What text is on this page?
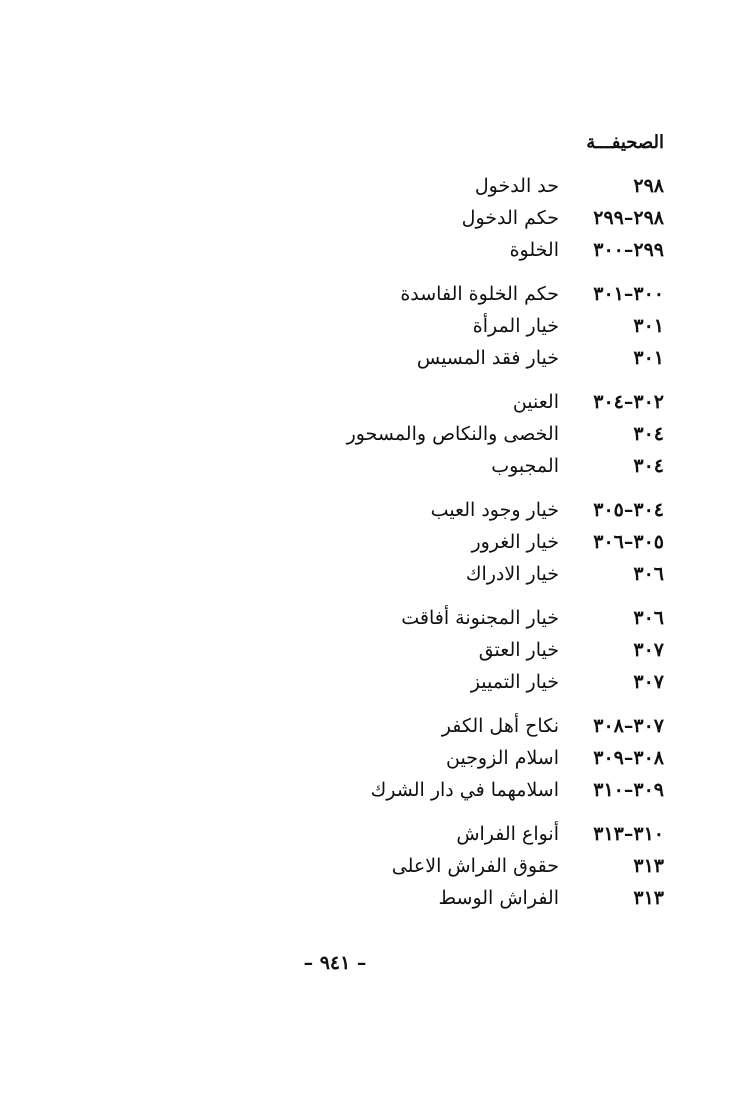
الصحيفـــة
٢٩٨
حد الدخول
٢٩٨–٢٩٩
حكم الدخول
٢٩٩–٣٠٠
الخلوة
٣٠٠–٣٠١
حكم الخلوة الفاسدة
٣٠١
خيار المرأة
٣٠١
خيار فقد المسيس
٣٠٢–٣٠٤
العنين
٣٠٤
الخصى والنكاص والمسحور
٣٠٤
المجبوب
٣٠٤–٣٠٥
خيار وجود العيب
٣٠٥–٣٠٦
خيار الغرور
٣٠٦
خيار الادراك
٣٠٦
خيار المجنونة أفاقت
٣٠٧
خيار العتق
٣٠٧
خيار التمييز
٣٠٧–٣٠٨
نكاح أهل الكفر
٣٠٨–٣٠٩
اسلام الزوجين
٣٠٩–٣١٠
اسلامهما في دار الشرك
٣١٠–٣١٣
أنواع الفراش
٣١٣
حقوق الفراش الاعلى
٣١٣
الفراش الوسط
– ٩٤١ –
